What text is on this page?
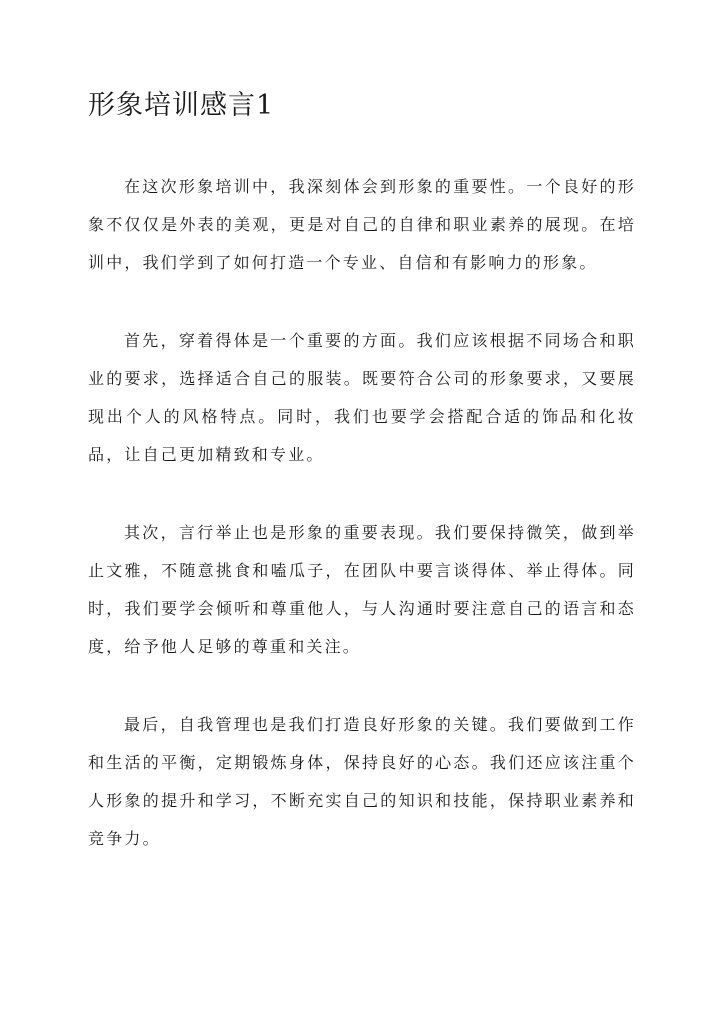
形象培训感言1

在这次形象培训中，我深刻体会到形象的重要性。一个良好的形象不仅仅是外表的美观，更是对自己的自律和职业素养的展现。在培训中，我们学到了如何打造一个专业、自信和有影响力的形象。

首先，穿着得体是一个重要的方面。我们应该根据不同场合和职业的要求，选择适合自己的服装。既要符合公司的形象要求，又要展现出个人的风格特点。同时，我们也要学会搭配合适的饰品和化妆品，让自己更加精致和专业。

其次，言行举止也是形象的重要表现。我们要保持微笑，做到举止文雅，不随意挑食和嗑瓜子，在团队中要言谈得体、举止得体。同时，我们要学会倾听和尊重他人，与人沟通时要注意自己的语言和态度，给予他人足够的尊重和关注。

最后，自我管理也是我们打造良好形象的关键。我们要做到工作和生活的平衡，定期锻炼身体，保持良好的心态。我们还应该注重个人形象的提升和学习，不断充实自己的知识和技能，保持职业素养和竞争力。
